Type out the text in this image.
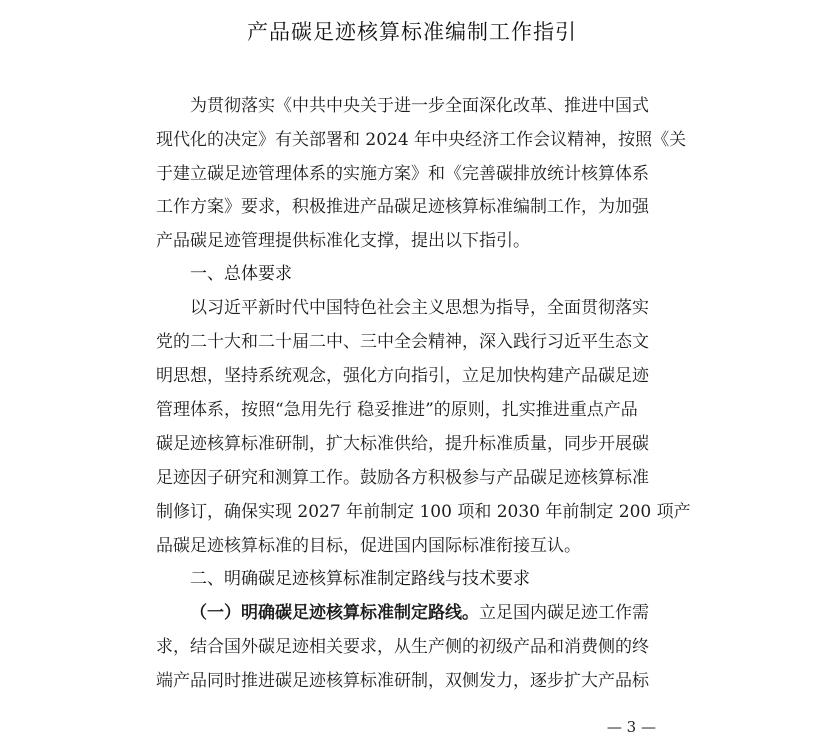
产品碳足迹核算标准编制工作指引
为贯彻落实《中共中央关于进一步全面深化改革、推进中国式
现代化的决定》有关部署和 2024 年中央经济工作会议精神，按照《关
于建立碳足迹管理体系的实施方案》和《完善碳排放统计核算体系
工作方案》要求，积极推进产品碳足迹核算标准编制工作，为加强
产品碳足迹管理提供标准化支撑，提出以下指引。
一、总体要求
以习近平新时代中国特色社会主义思想为指导，全面贯彻落实
党的二十大和二十届二中、三中全会精神，深入践行习近平生态文
明思想，坚持系统观念，强化方向指引，立足加快构建产品碳足迹
管理体系，按照“急用先行 稳妥推进”的原则，扎实推进重点产品
碳足迹核算标准研制，扩大标准供给，提升标准质量，同步开展碳
足迹因子研究和测算工作。鼓励各方积极参与产品碳足迹核算标准
制修订，确保实现 2027 年前制定 100 项和 2030 年前制定 200 项产
品碳足迹核算标准的目标，促进国内国际标准衔接互认。
二、明确碳足迹核算标准制定路线与技术要求
（一）明确碳足迹核算标准制定路线。立足国内碳足迹工作需
求，结合国外碳足迹相关要求，从生产侧的初级产品和消费侧的终
端产品同时推进碳足迹核算标准研制，双侧发力，逐步扩大产品标
— 3 —
